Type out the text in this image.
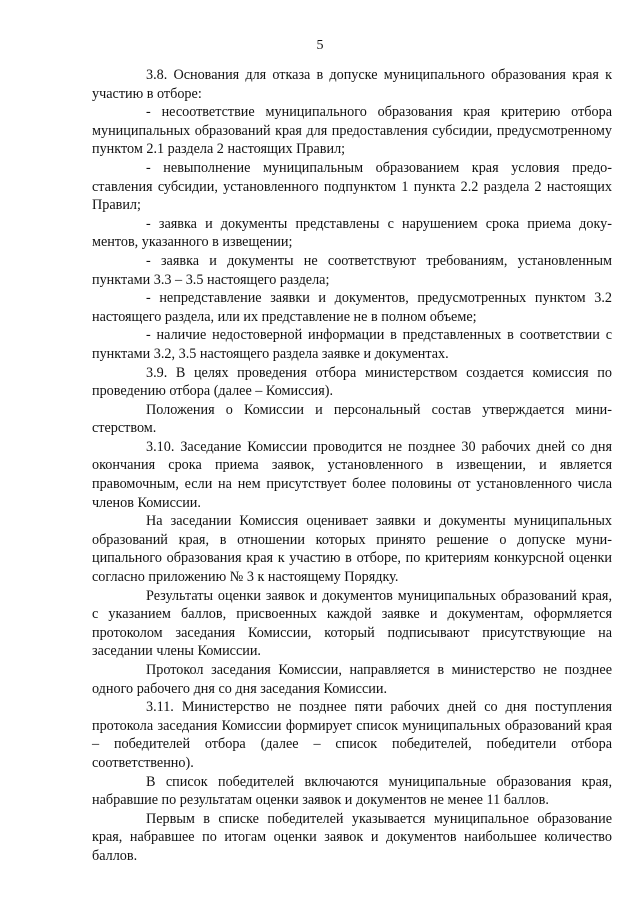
5

3.8. Основания для отказа в допуске муниципального образования края к участию в отборе:

- несоответствие муниципального образования края критерию отбора муниципальных образований края для предоставления субсидии, предусмотренному пунктом 2.1 раздела 2 настоящих Правил;

- невыполнение муниципальным образованием края условия предоставления субсидии, установленного подпунктом 1 пункта 2.2 раздела 2 настоящих Правил;

- заявка и документы представлены с нарушением срока приема документов, указанного в извещении;

- заявка и документы не соответствуют требованиям, установленным пунктами 3.3 – 3.5 настоящего раздела;

- непредставление заявки и документов, предусмотренных пунктом 3.2 настоящего раздела, или их представление не в полном объеме;

- наличие недостоверной информации в представленных в соответствии с пунктами 3.2, 3.5 настоящего раздела заявке и документах.

3.9. В целях проведения отбора министерством создается комиссия по проведению отбора (далее – Комиссия).

Положения о Комиссии и персональный состав утверждается министерством.

3.10. Заседание Комиссии проводится не позднее 30 рабочих дней со дня окончания срока приема заявок, установленного в извещении, и является правомочным, если на нем присутствует более половины от установленного числа членов Комиссии.

На заседании Комиссия оценивает заявки и документы муниципальных образований края, в отношении которых принято решение о допуске муниципального образования края к участию в отборе, по критериям конкурсной оценки согласно приложению № 3 к настоящему Порядку.

Результаты оценки заявок и документов муниципальных образований края, с указанием баллов, присвоенных каждой заявке и документам, оформляется протоколом заседания Комиссии, который подписывают присутствующие на заседании члены Комиссии.

Протокол заседания Комиссии, направляется в министерство не позднее одного рабочего дня со дня заседания Комиссии.

3.11. Министерство не позднее пяти рабочих дней со дня поступления протокола заседания Комиссии формирует список муниципальных образований края – победителей отбора (далее – список победителей, победители отбора соответственно).

В список победителей включаются муниципальные образования края, набравшие по результатам оценки заявок и документов не менее 11 баллов.

Первым в списке победителей указывается муниципальное образование края, набравшее по итогам оценки заявок и документов наибольшее количество баллов.
